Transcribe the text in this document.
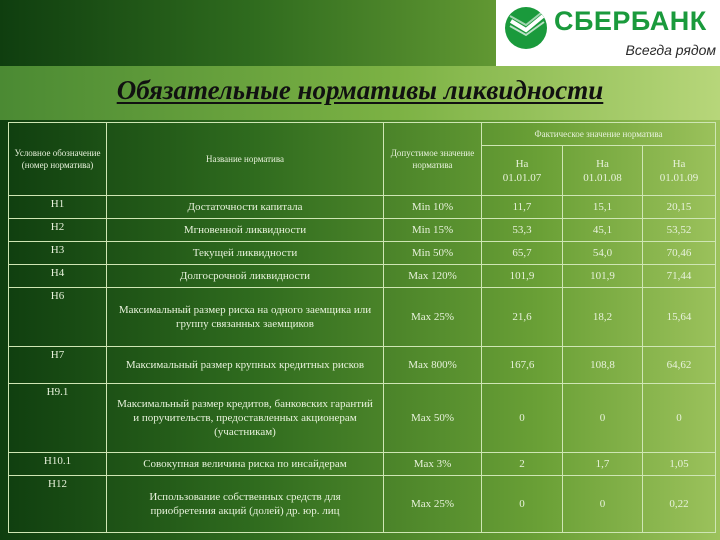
СБЕРБАНК
Всегда рядом
Обязательные нормативы ликвидности
Условное обозначение (номер норматива)	Название норматива	Допустимое значение норматива	Фактическое значение норматива		
			На 01.01.07	На 01.01.08	На 01.01.09
Н1	Достаточности капитала	Min 10%	11,7	15,1	20,15
Н2	Мгновенной ликвидности	Min 15%	53,3	45,1	53,52
Н3	Текущей ликвидности	Min 50%	65,7	54,0	70,46
Н4	Долгосрочной ликвидности	Max 120%	101,9	101,9	71,44
Н6	Максимальный размер риска на одного заемщика или группу связанных заемщиков	Max 25%	21,6	18,2	15,64
Н7	Максимальный размер крупных кредитных рисков	Max 800%	167,6	108,8	64,62
Н9.1	Максимальный размер кредитов, банковских гарантий и поручительств, предоставленных акционерам (участникам)	Max 50%	0	0	0
Н10.1	Совокупная величина риска по инсайдерам	Max 3%	2	1,7	1,05
Н12	Использование собственных средств для приобретения акций (долей) др. юр. лиц	Max 25%	0	0	0,22
